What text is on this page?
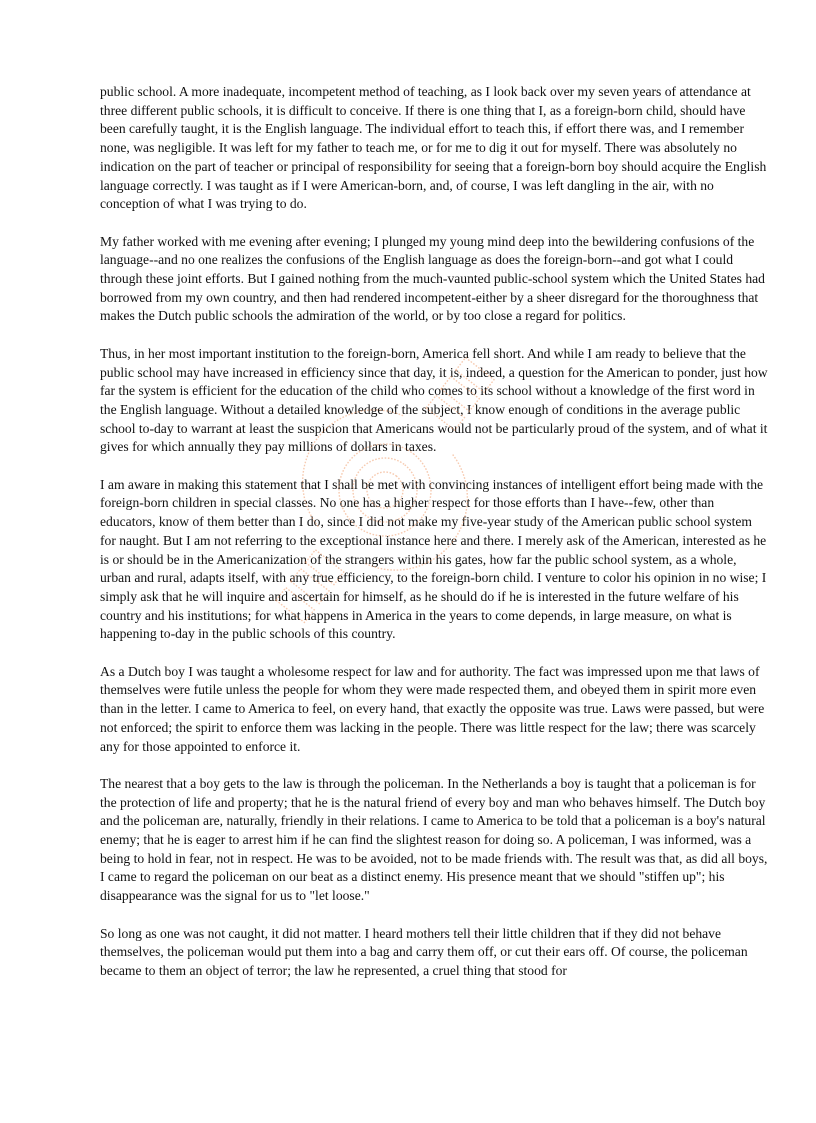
public school. A more inadequate, incompetent method of teaching, as I look back over my seven years of attendance at three different public schools, it is difficult to conceive. If there is one thing that I, as a foreign-born child, should have been carefully taught, it is the English language. The individual effort to teach this, if effort there was, and I remember none, was negligible. It was left for my father to teach me, or for me to dig it out for myself. There was absolutely no indication on the part of teacher or principal of responsibility for seeing that a foreign-born boy should acquire the English language correctly. I was taught as if I were American-born, and, of course, I was left dangling in the air, with no conception of what I was trying to do.

My father worked with me evening after evening; I plunged my young mind deep into the bewildering confusions of the language--and no one realizes the confusions of the English language as does the foreign-born--and got what I could through these joint efforts. But I gained nothing from the much-vaunted public-school system which the United States had borrowed from my own country, and then had rendered incompetent-either by a sheer disregard for the thoroughness that makes the Dutch public schools the admiration of the world, or by too close a regard for politics.

Thus, in her most important institution to the foreign-born, America fell short. And while I am ready to believe that the public school may have increased in efficiency since that day, it is, indeed, a question for the American to ponder, just how far the system is efficient for the education of the child who comes to its school without a knowledge of the first word in the English language. Without a detailed knowledge of the subject, I know enough of conditions in the average public school to-day to warrant at least the suspicion that Americans would not be particularly proud of the system, and of what it gives for which annually they pay millions of dollars in taxes.

I am aware in making this statement that I shall be met with convincing instances of intelligent effort being made with the foreign-born children in special classes. No one has a higher respect for those efforts than I have--few, other than educators, know of them better than I do, since I did not make my five-year study of the American public school system for naught. But I am not referring to the exceptional instance here and there. I merely ask of the American, interested as he is or should be in the Americanization of the strangers within his gates, how far the public school system, as a whole, urban and rural, adapts itself, with any true efficiency, to the foreign-born child. I venture to color his opinion in no wise; I simply ask that he will inquire and ascertain for himself, as he should do if he is interested in the future welfare of his country and his institutions; for what happens in America in the years to come depends, in large measure, on what is happening to-day in the public schools of this country.

As a Dutch boy I was taught a wholesome respect for law and for authority. The fact was impressed upon me that laws of themselves were futile unless the people for whom they were made respected them, and obeyed them in spirit more even than in the letter. I came to America to feel, on every hand, that exactly the opposite was true. Laws were passed, but were not enforced; the spirit to enforce them was lacking in the people. There was little respect for the law; there was scarcely any for those appointed to enforce it.

The nearest that a boy gets to the law is through the policeman. In the Netherlands a boy is taught that a policeman is for the protection of life and property; that he is the natural friend of every boy and man who behaves himself. The Dutch boy and the policeman are, naturally, friendly in their relations. I came to America to be told that a policeman is a boy's natural enemy; that he is eager to arrest him if he can find the slightest reason for doing so. A policeman, I was informed, was a being to hold in fear, not in respect. He was to be avoided, not to be made friends with. The result was that, as did all boys, I came to regard the policeman on our beat as a distinct enemy. His presence meant that we should "stiffen up"; his disappearance was the signal for us to "let loose."

So long as one was not caught, it did not matter. I heard mothers tell their little children that if they did not behave themselves, the policeman would put them into a bag and carry them off, or cut their ears off. Of course, the policeman became to them an object of terror; the law he represented, a cruel thing that stood for
